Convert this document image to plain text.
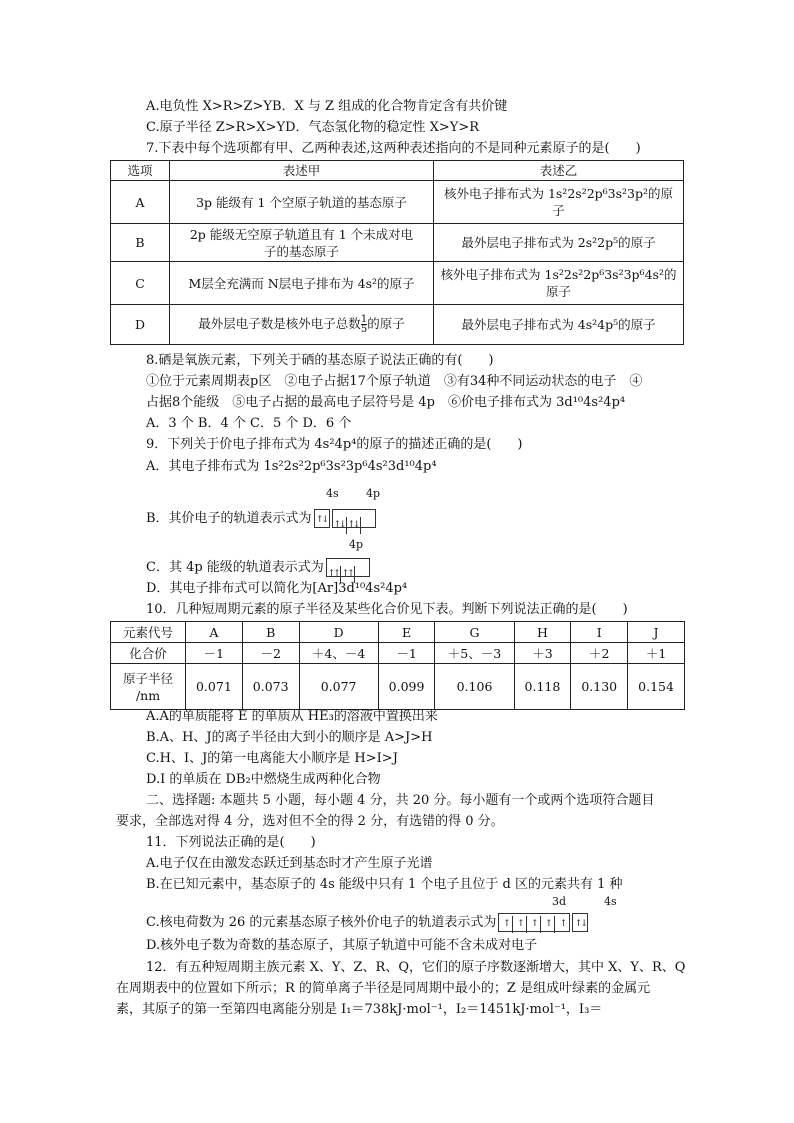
A.电负性 X>R>Z>YB．X 与 Z 组成的化合物肯定含有共价键
C.原子半径 Z>R>X>YD．气态氢化物的稳定性 X>Y>R
7.下表中每个选项都有甲、乙两种表述,这两种表述指向的不是同种元素原子的是(　　)
选项	表述甲	表述乙
A	3p 能级有 1 个空原子轨道的基态原子	核外电子排布式为 1s²2s²2p⁶3s²3p²的原
子
B	2p 能级无空原子轨道且有 1 个未成对电
子的基态原子	最外层电子排布式为 2s²2p⁵的原子
C	M层全充满而 N层电子排布为 4s²的原子	核外电子排布式为 1s²2s²2p⁶3s²3p⁶4s²的
原子
D	最外层电子数是核外电子总数 $\frac{1}{5}$的原子	最外层电子排布式为 4s²4p⁵的原子
8.硒是氧族元素，下列关于硒的基态原子说法正确的有(　　)
①位于元素周期表p区　②电子占据17个原子轨道　③有34种不同运动状态的电子　④
占据8个能级　⑤电子占据的最高电子层符号是 4p　⑥价电子排布式为 3d¹⁰4s²4p⁴
A．3 个 B．4 个 C．5 个 D．6 个
9．下列关于价电子排布式为 4s²4p⁴的原子的描述正确的是(　　)
A．其电子排布式为 1s²2s²2p⁶3s²3p⁶4s²3d¹⁰4p⁴
4s 4p
B．其价电子的轨道表示式为 ↑↓ ↑↓ ↑↓
4p
C．其 4p 能级的轨道表示式为 ↑↑ ↑↑
D．其电子排布式可以简化为[Ar]3d¹⁰4s²4p⁴
10．几种短周期元素的原子半径及某些化合价见下表。判断下列说法正确的是(　　)
元素代号	A	B	D	E	G	H	I	J
化合价	－1	－2	＋4、－4	－1	＋5、－3	＋3	＋2	＋1
原子半径
/nm	0.071	0.073	0.077	0.099	0.106	0.118	0.130	0.154
A.A的单质能将 E 的单质从 HE₃的溶液中置换出来
B.A、H、J的离子半径由大到小的顺序是 A>J>H
C.H、I、J的第一电离能大小顺序是 H>I>J
D.I 的单质在 DB₂中燃烧生成两种化合物
二、选择题: 本题共 5 小题，每小题 4 分，共 20 分。每小题有一个或两个选项符合题目
要求，全部选对得 4 分，选对但不全的得 2 分，有选错的得 0 分。
11．下列说法正确的是(　　)
A.电子仅在由激发态跃迁到基态时才产生原子光谱
B.在已知元素中，基态原子的 4s 能级中只有 1 个电子且位于 d 区的元素共有 1 种
3d	4s
C.核电荷数为 26 的元素基态原子核外价电子的轨道表示式为 ↑ ↑ ↑ ↑ ↑ ↑↓
D.核外电子数为奇数的基态原子，其原子轨道中可能不含未成对电子
12．有五种短周期主族元素 X、Y、Z、R、Q，它们的原子序数逐渐增大，其中 X、Y、R、Q
在周期表中的位置如下所示；R 的简单离子半径是同周期中最小的；Z 是组成叶绿素的金属元
素，其原子的第一至第四电离能分别是 I₁＝738kJ·mol⁻¹，I₂＝1451kJ·mol⁻¹，I₃＝
